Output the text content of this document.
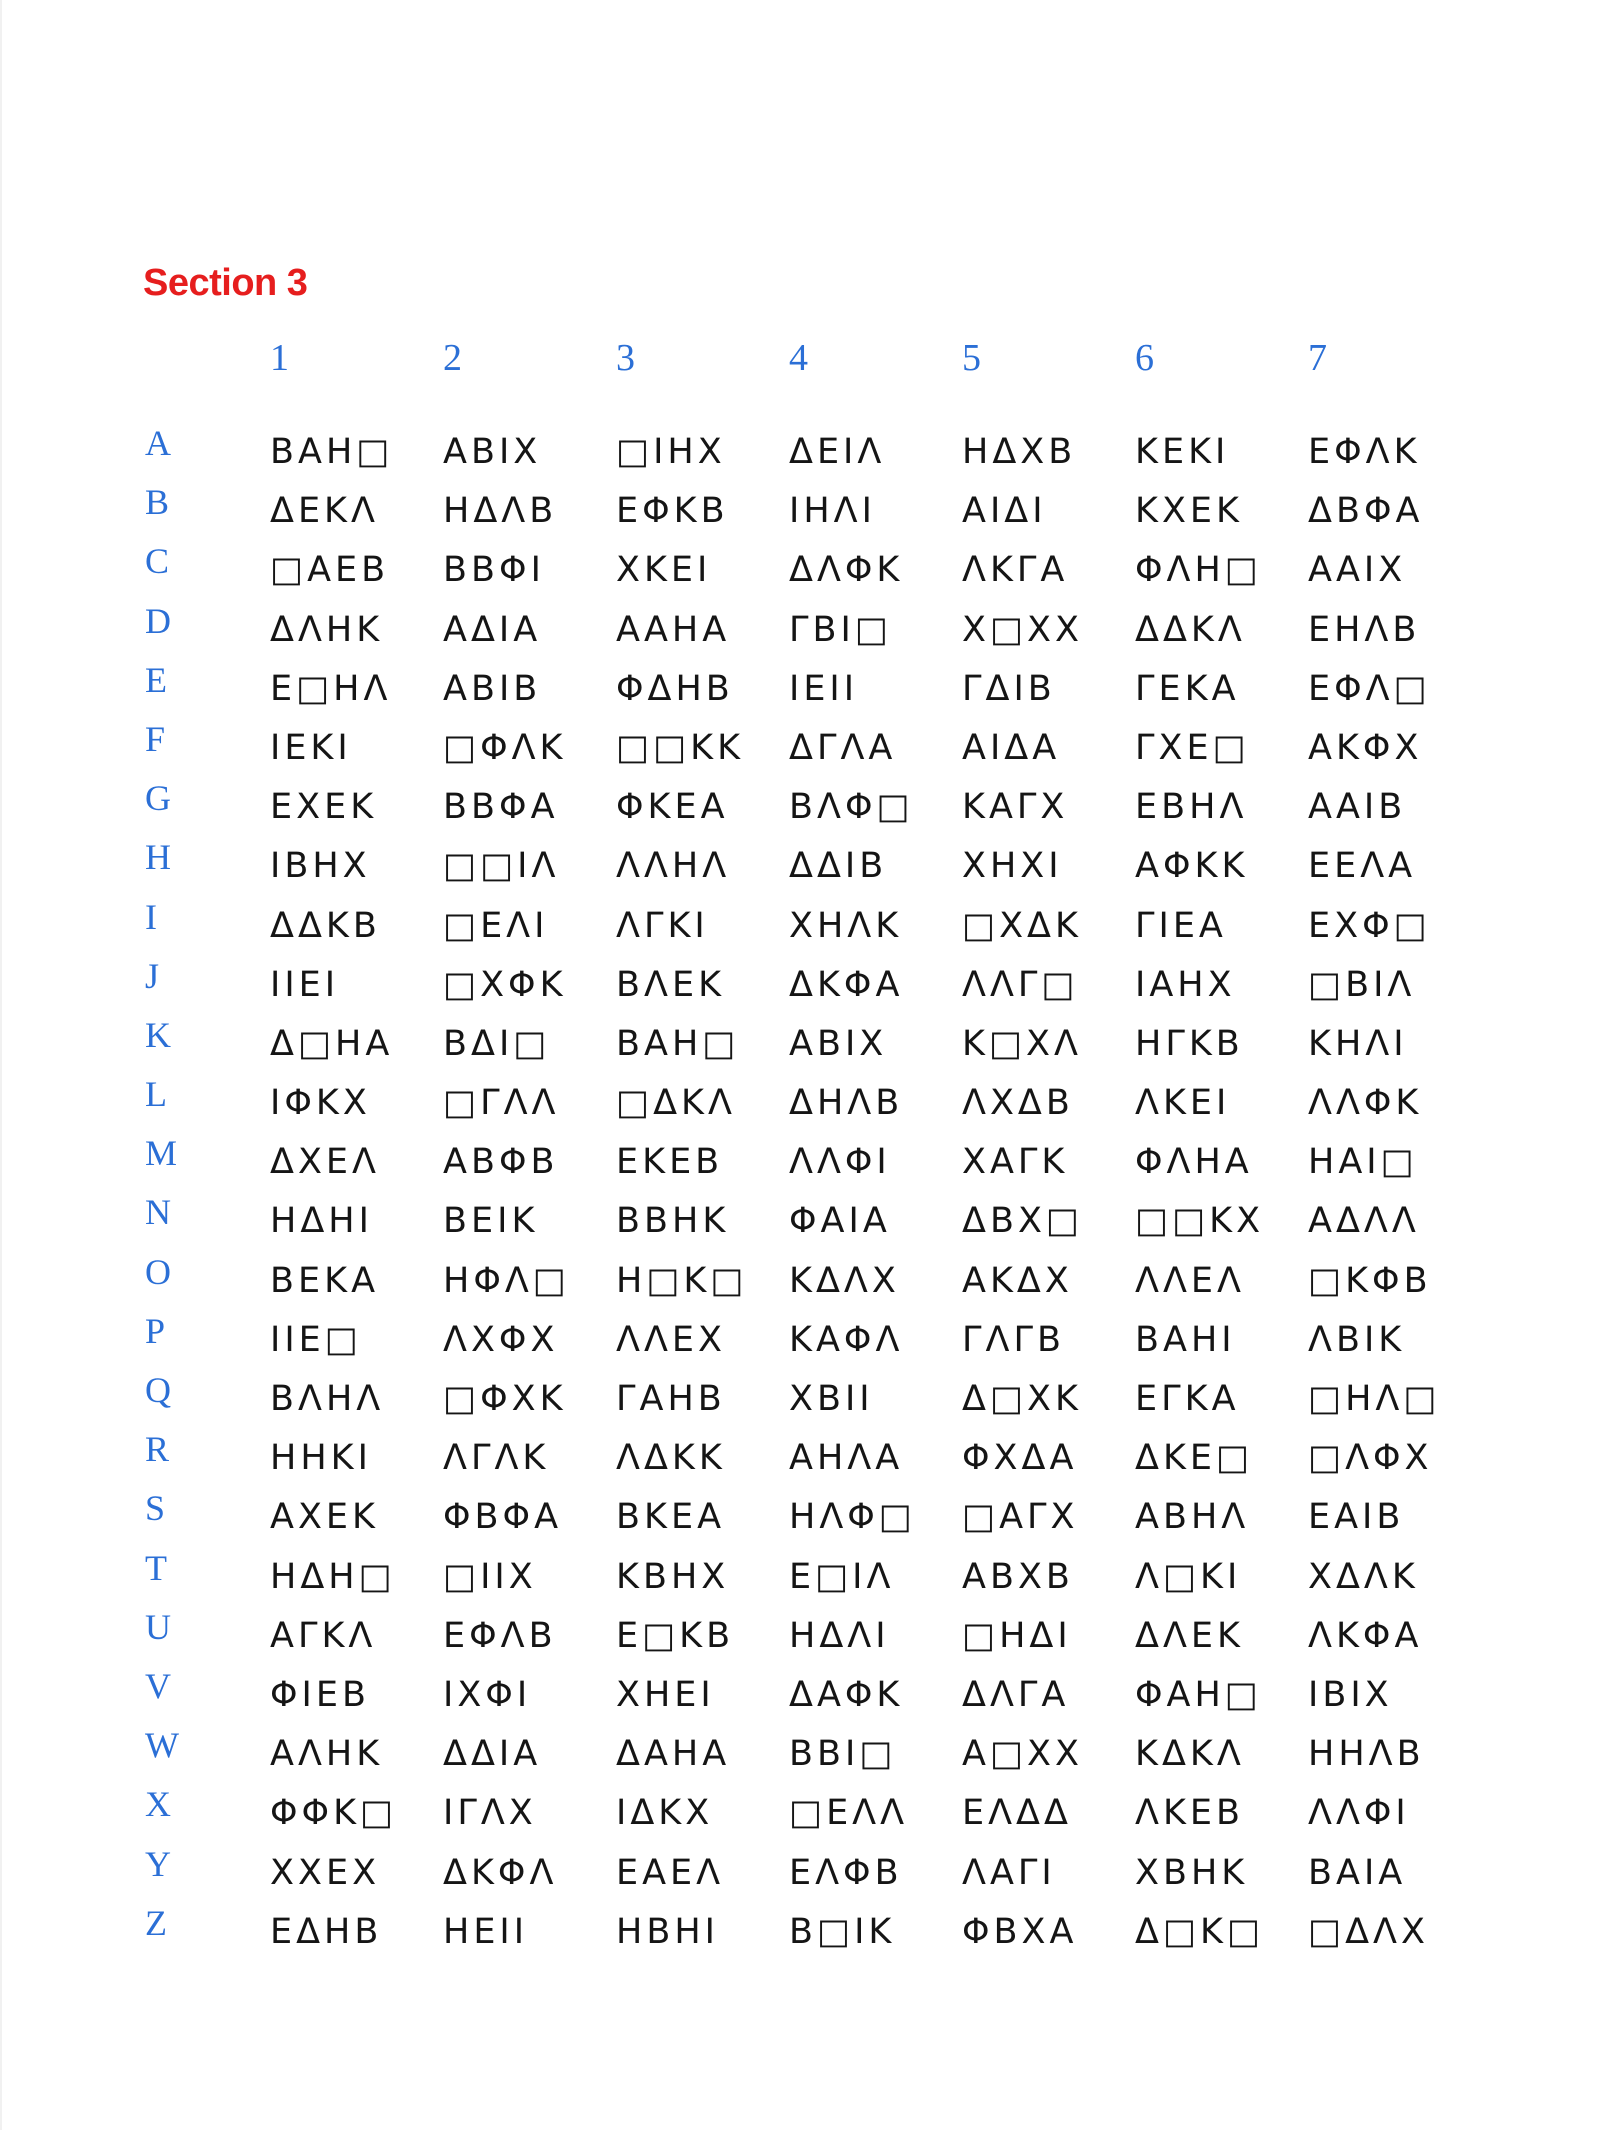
Section 3
1	2	3	4	5	6	7
A	ΒΑΗ□ ΑΒΙΧ □ΙΗΧ ΔΕΙΛ ΗΔΧΒ ΚΕΚΙ ΕΦΛΚ
B	ΔΕΚΛ ΗΔΛΒ ΕΦΚΒ ΙΗΛΙ ΑΙΔΙ	ΚΧΕΚ ΔΒΦΑ
C	□ΑΕΒ ΒΒΦΙ ΧΚΕΙ ΔΛΦΚ ΛΚΓΑ ΦΛΗ□ ΑΑΙΧ
D	ΔΛΗΚ ΑΔΙΑ ΑΑΗΑ ΓΒΙ□ Χ□ΧΧ ΔΔΚΛ ΕΗΛΒ
E	Ε□ΗΛ ΑΒΙΒ ΦΔΗΒ ΙΕΙΙ	ΓΔΙΒ ΓΕΚΑ ΕΦΛ□
F	ΙΕΚΙ	□ΦΛΚ □□ΚΚ ΔΓΛΑ ΑΙΔΑ ΓΧΕ□ ΑΚΦΧ
G	ΕΧΕΚ ΒΒΦΑ ΦΚΕΑ ΒΛΦ□ ΚΑΓΧ ΕΒΗΛ ΑΑΙΒ
H	ΙΒΗΧ □□ΙΛ ΛΛΗΛ ΔΔΙΒ ΧΗΧΙ ΑΦΚΚ ΕΕΛΑ
I	ΔΔΚΒ □ΕΛΙ ΛΓΚΙ ΧΗΛΚ □ΧΔΚ ΓΙΕΑ ΕΧΦ□
J	ΙΙΕΙ	□ΧΦΚ ΒΛΕΚ ΔΚΦΑ ΛΛΓ□ ΙΑΗΧ □ΒΙΛ
K	Δ□ΗΑ ΒΔΙ□ ΒΑΗ□ ΑΒΙΧ Κ□ΧΛ ΗΓΚΒ ΚΗΛΙ
L	ΙΦΚΧ □ΓΛΛ □ΔΚΛ ΔΗΛΒ ΛΧΔΒ ΛΚΕΙ ΛΛΦΚ
M	ΔΧΕΛ ΑΒΦΒ ΕΚΕΒ ΛΛΦΙ ΧΑΓΚ ΦΛΗΑ ΗΑΙ□
N	ΗΔΗΙ ΒΕΙΚ ΒΒΗΚ ΦΑΙΑ ΔΒΧ□ □□ΚΧ ΑΔΛΛ
O	ΒΕΚΑ ΗΦΛ□ Η□Κ□ ΚΔΛΧ ΑΚΔΧ ΛΛΕΛ □ΚΦΒ
P	ΙΙΕ□ ΛΧΦΧ ΛΛΕΧ ΚΑΦΛ ΓΛΓΒ ΒΑΗΙ ΛΒΙΚ
Q	ΒΛΗΛ □ΦΧΚ ΓΑΗΒ ΧΒΙΙ	Δ□ΧΚ ΕΓΚΑ □ΗΛ□
R	ΗΗΚΙ ΛΓΛΚ ΛΔΚΚ ΑΗΛΑ ΦΧΔΑ ΔΚΕ□ □ΛΦΧ
S	ΑΧΕΚ ΦΒΦΑ ΒΚΕΑ ΗΛΦ□ □ΑΓΧ ΑΒΗΛ ΕΑΙΒ
T	ΗΔΗ□ □ΙΙΧ ΚΒΗΧ Ε□ΙΛ ΑΒΧΒ Λ□ΚΙ ΧΔΛΚ
U	ΑΓΚΛ ΕΦΛΒ Ε□ΚΒ ΗΔΛΙ □ΗΔΙ ΔΛΕΚ ΛΚΦΑ
V	ΦΙΕΒ ΙΧΦΙ ΧΗΕΙ ΔΑΦΚ ΔΛΓΑ ΦΑΗ□ ΙΒΙΧ
W	ΑΛΗΚ ΔΔΙΑ ΔΑΗΑ ΒΒΙ□ Α□ΧΧ ΚΔΚΛ ΗΗΛΒ
X	ΦΦΚ□ ΙΓΛΧ ΙΔΚΧ □ΕΛΛ ΕΛΔΔ ΛΚΕΒ ΛΛΦΙ
Y	ΧΧΕΧ ΔΚΦΛ ΕΑΕΛ ΕΛΦΒ ΛΑΓΙ ΧΒΗΚ ΒΑΙΑ
Z	ΕΔΗΒ ΗΕΙΙ	ΗΒΗΙ Β□ΙΚ ΦΒΧΑ Δ□Κ□ □ΔΛΧ
